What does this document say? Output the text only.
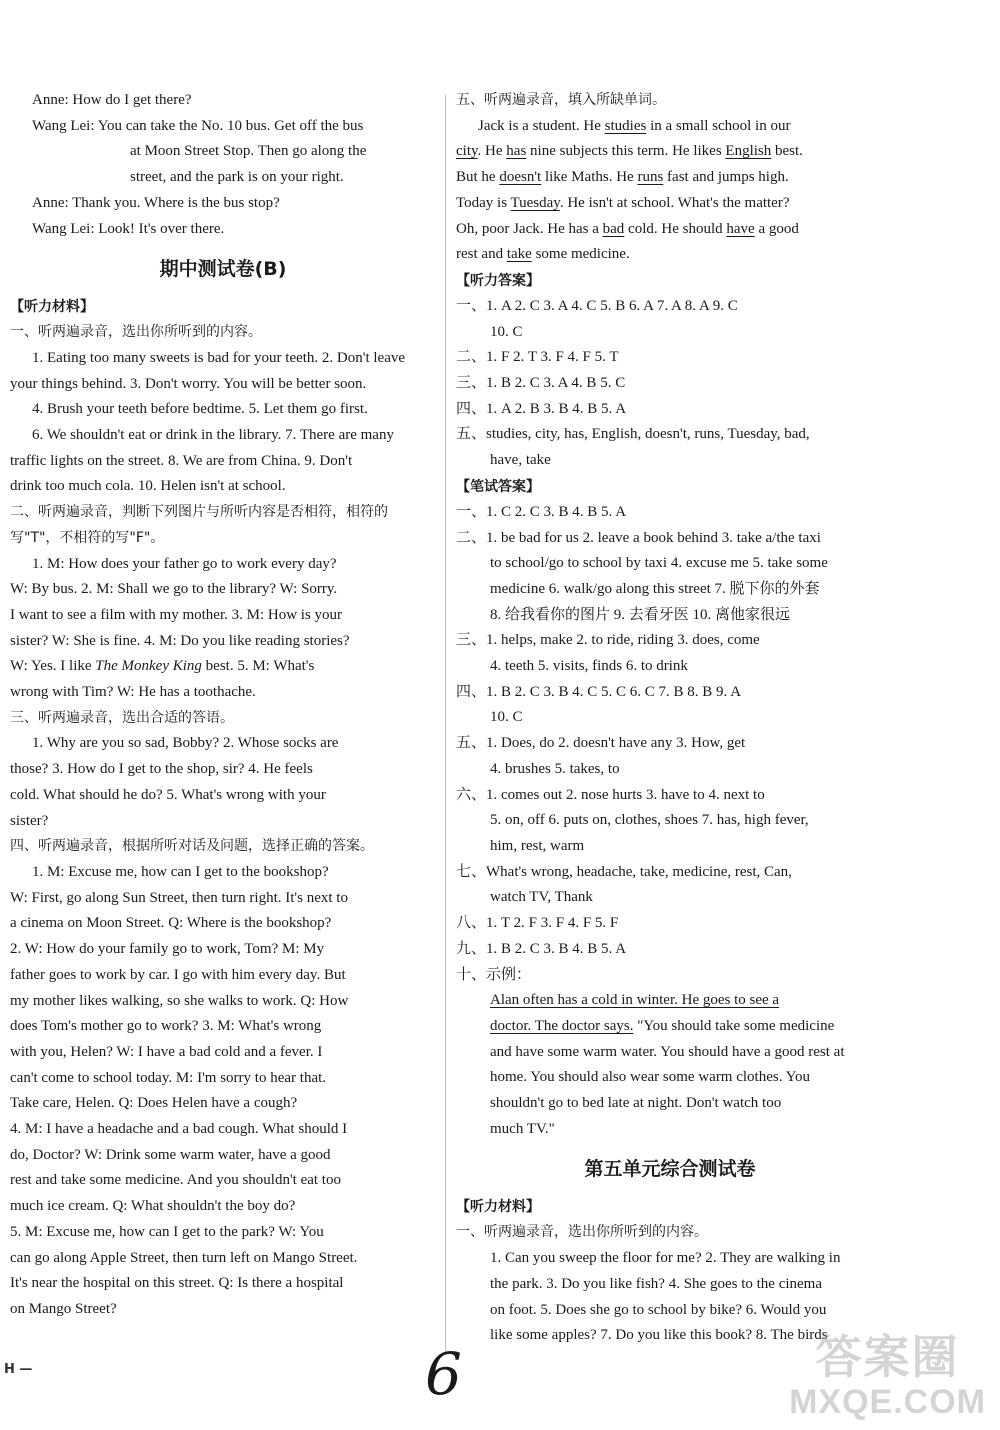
Anne: How do I get there?

Wang Lei: You can take the No. 10 bus. Get off the bus

at Moon Street Stop. Then go along the

street, and the park is on your right.

Anne: Thank you. Where is the bus stop?

Wang Lei: Look! It's over there.

期中测试卷(B)

【听力材料】

一、听两遍录音，选出你所听到的内容。

1. Eating too many sweets is bad for your teeth. 2. Don't leave

your things behind. 3. Don't worry. You will be better soon.

4. Brush your teeth before bedtime. 5. Let them go first.

6. We shouldn't eat or drink in the library. 7. There are many

traffic lights on the street. 8. We are from China. 9. Don't

drink too much cola. 10. Helen isn't at school.

二、听两遍录音，判断下列图片与所听内容是否相符，相符的

写"T"，不相符的写"F"。

1. M: How does your father go to work every day?

W: By bus. 2. M: Shall we go to the library? W: Sorry.

I want to see a film with my mother. 3. M: How is your

sister? W: She is fine. 4. M: Do you like reading stories?

W: Yes. I like The Monkey King best. 5. M: What's

wrong with Tim? W: He has a toothache.

三、听两遍录音，选出合适的答语。

1. Why are you so sad, Bobby? 2. Whose socks are

those? 3. How do I get to the shop, sir? 4. He feels

cold. What should he do? 5. What's wrong with your

sister?

四、听两遍录音，根据所听对话及问题，选择正确的答案。

1. M: Excuse me, how can I get to the bookshop?

W: First, go along Sun Street, then turn right. It's next to

a cinema on Moon Street. Q: Where is the bookshop?

2. W: How do your family go to work, Tom? M: My

father goes to work by car. I go with him every day. But

my mother likes walking, so she walks to work. Q: How

does Tom's mother go to work? 3. M: What's wrong

with you, Helen? W: I have a bad cold and a fever. I

can't come to school today. M: I'm sorry to hear that.

Take care, Helen. Q: Does Helen have a cough?

4. M: I have a headache and a bad cough. What should I

do, Doctor? W: Drink some warm water, have a good

rest and take some medicine. And you shouldn't eat too

much ice cream. Q: What shouldn't the boy do?

5. M: Excuse me, how can I get to the park? W: You

can go along Apple Street, then turn left on Mango Street.

It's near the hospital on this street. Q: Is there a hospital

on Mango Street?

五、听两遍录音，填入所缺单词。

Jack is a student. He studies in a small school in our

city. He has nine subjects this term. He likes English best.

But he doesn't like Maths. He runs fast and jumps high.

Today is Tuesday. He isn't at school. What's the matter?

Oh, poor Jack. He has a bad cold. He should have a good

rest and take some medicine.

【听力答案】

一、1. A 2. C 3. A 4. C 5. B 6. A 7. A 8. A 9. C

10. C

二、1. F 2. T 3. F 4. F 5. T

三、1. B 2. C 3. A 4. B 5. C

四、1. A 2. B 3. B 4. B 5. A

五、studies, city, has, English, doesn't, runs, Tuesday, bad,

have, take

【笔试答案】

一、1. C 2. C 3. B 4. B 5. A

二、1. be bad for us 2. leave a book behind 3. take a/the taxi

to school/go to school by taxi 4. excuse me 5. take some

medicine 6. walk/go along this street 7. 脱下你的外套

8. 给我看你的图片 9. 去看牙医 10. 离他家很远

三、1. helps, make 2. to ride, riding 3. does, come

4. teeth 5. visits, finds 6. to drink

四、1. B 2. C 3. B 4. C 5. C 6. C 7. B 8. B 9. A

10. C

五、1. Does, do 2. doesn't have any 3. How, get

4. brushes 5. takes, to

六、1. comes out 2. nose hurts 3. have to 4. next to

5. on, off 6. puts on, clothes, shoes 7. has, high fever,

him, rest, warm

七、What's wrong, headache, take, medicine, rest, Can,

watch TV, Thank

八、1. T 2. F 3. F 4. F 5. F

九、1. B 2. C 3. B 4. B 5. A

十、示例：

Alan often has a cold in winter. He goes to see a

doctor. The doctor says. "You should take some medicine

and have some warm water. You should have a good rest at

home. You should also wear some warm clothes. You

shouldn't go to bed late at night. Don't watch too

much TV."

第五单元综合测试卷

【听力材料】

一、听两遍录音，选出你所听到的内容。

1. Can you sweep the floor for me? 2. They are walking in

the park. 3. Do you like fish? 4. She goes to the cinema

on foot. 5. Does she go to school by bike? 6. Would you

like some apples? 7. Do you like this book? 8. The birds

H —	6	答案圈
MXQE.COM
